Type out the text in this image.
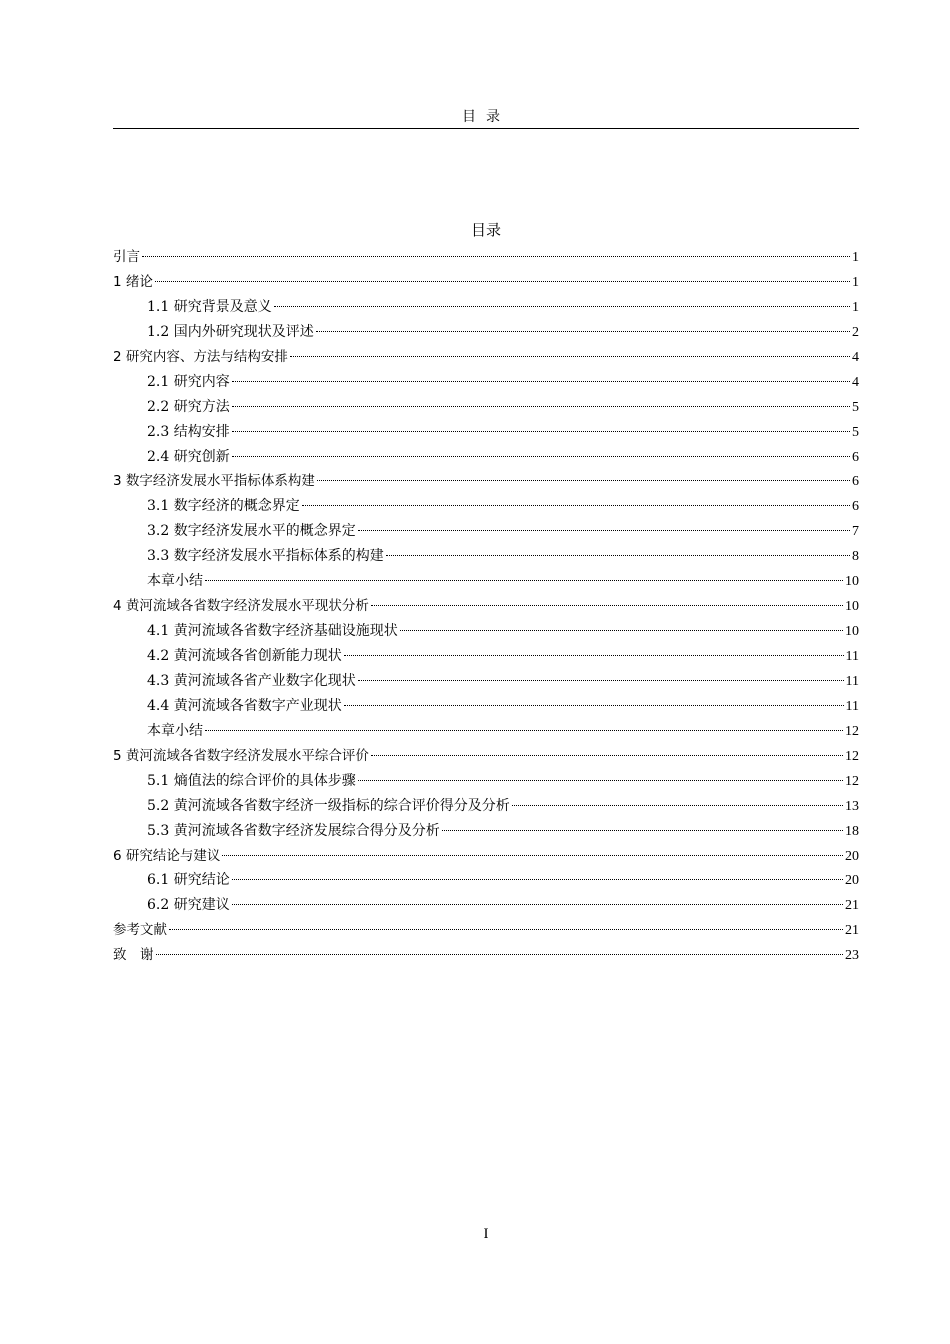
目录
目录
引言	1
1 绪论	1
1.1 研究背景及意义	1
1.2 国内外研究现状及评述	2
2 研究内容、方法与结构安排	4
2.1 研究内容	4
2.2 研究方法	5
2.3 结构安排	5
2.4 研究创新	6
3 数字经济发展水平指标体系构建	6
3.1 数字经济的概念界定	6
3.2 数字经济发展水平的概念界定	7
3.3 数字经济发展水平指标体系的构建	8
本章小结	10
4 黄河流域各省数字经济发展水平现状分析	10
4.1 黄河流域各省数字经济基础设施现状	10
4.2 黄河流域各省创新能力现状	11
4.3 黄河流域各省产业数字化现状	11
4.4 黄河流域各省数字产业现状	11
本章小结	12
5 黄河流域各省数字经济发展水平综合评价	12
5.1 熵值法的综合评价的具体步骤	12
5.2 黄河流域各省数字经济一级指标的综合评价得分及分析	13
5.3 黄河流域各省数字经济发展综合得分及分析	18
6 研究结论与建议	20
6.1 研究结论	20
6.2 研究建议	21
参考文献	21
致　谢	23
I
